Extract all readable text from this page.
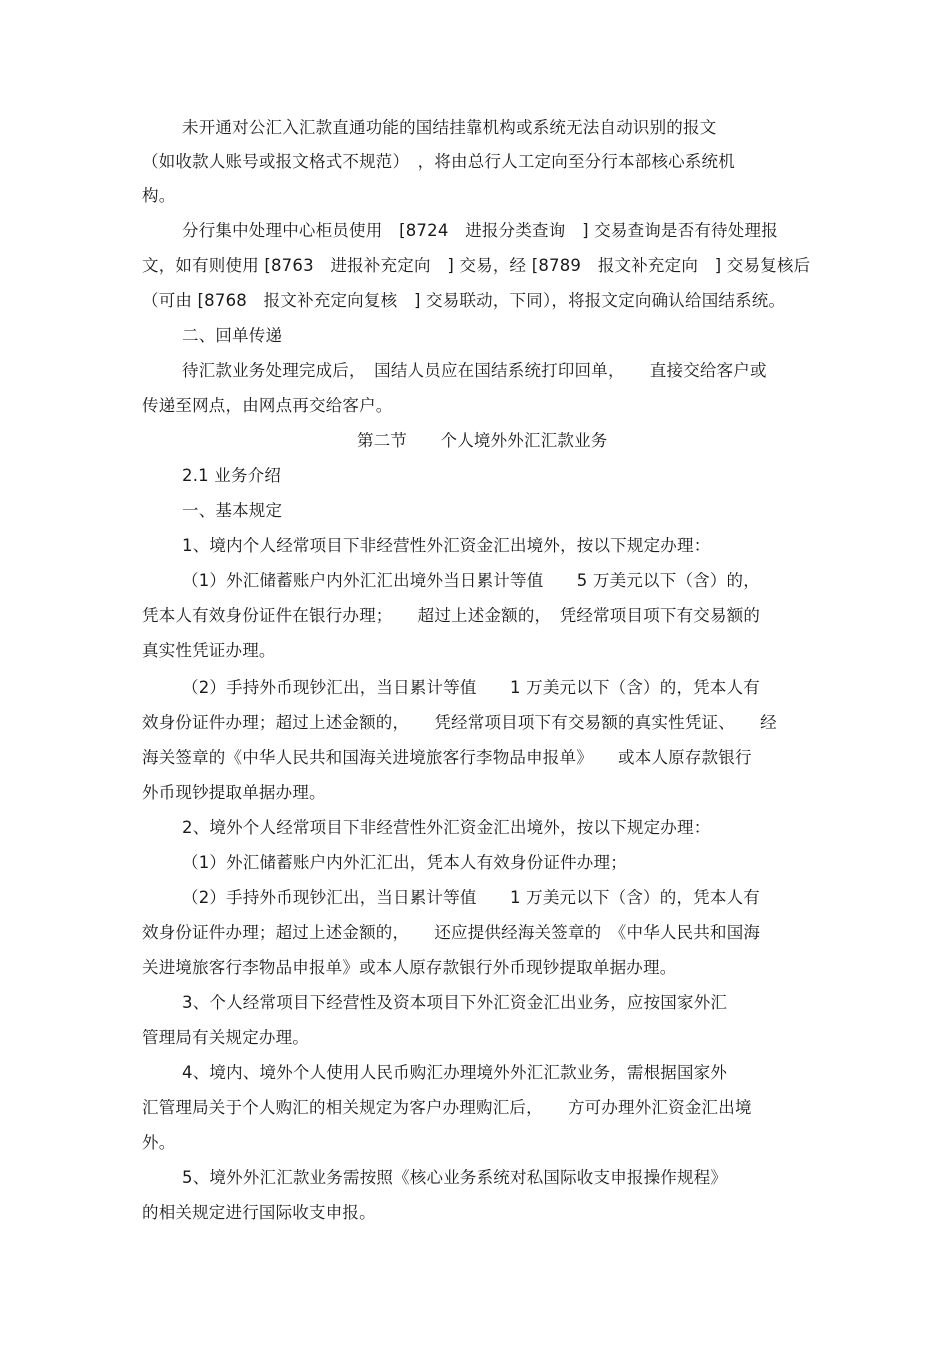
未开通对公汇入汇款直通功能的国结挂靠机构或系统无法自动识别的报文
（如收款人账号或报文格式不规范）　，将由总行人工定向至分行本部核心系统机
构。
分行集中处理中心柜员使用　[8724　进报分类查询　] 交易查询是否有待处理报
文，如有则使用 [8763　进报补充定向　] 交易，经 [8789　报文补充定向　] 交易复核后
（可由 [8768　报文补充定向复核　] 交易联动，下同），将报文定向确认给国结系统。
二、回单传递
待汇款业务处理完成后，　国结人员应在国结系统打印回单，　　直接交给客户或
传递至网点，由网点再交给客户。
第二节　　个人境外外汇汇款业务
2.1 业务介绍
一、基本规定
1、境内个人经常项目下非经营性外汇资金汇出境外，按以下规定办理：
（1）外汇储蓄账户内外汇汇出境外当日累计等值　　5 万美元以下（含）的，
凭本人有效身份证件在银行办理；　　超过上述金额的，　凭经常项目项下有交易额的
真实性凭证办理。
（2）手持外币现钞汇出，当日累计等值　　1 万美元以下（含）的，凭本人有
效身份证件办理；超过上述金额的，　　凭经常项目项下有交易额的真实性凭证、　　经
海关签章的《中华人民共和国海关进境旅客行李物品申报单》　　或本人原存款银行
外币现钞提取单据办理。
2、境外个人经常项目下非经营性外汇资金汇出境外，按以下规定办理：
（1）外汇储蓄账户内外汇汇出，凭本人有效身份证件办理；
（2）手持外币现钞汇出，当日累计等值　　1 万美元以下（含）的，凭本人有
效身份证件办理；超过上述金额的，　　还应提供经海关签章的　《中华人民共和国海
关进境旅客行李物品申报单》或本人原存款银行外币现钞提取单据办理。
3、个人经常项目下经营性及资本项目下外汇资金汇出业务，应按国家外汇
管理局有关规定办理。
4、境内、境外个人使用人民币购汇办理境外外汇汇款业务，需根据国家外
汇管理局关于个人购汇的相关规定为客户办理购汇后，　　方可办理外汇资金汇出境
外。
5、境外外汇汇款业务需按照《核心业务系统对私国际收支申报操作规程》
的相关规定进行国际收支申报。
